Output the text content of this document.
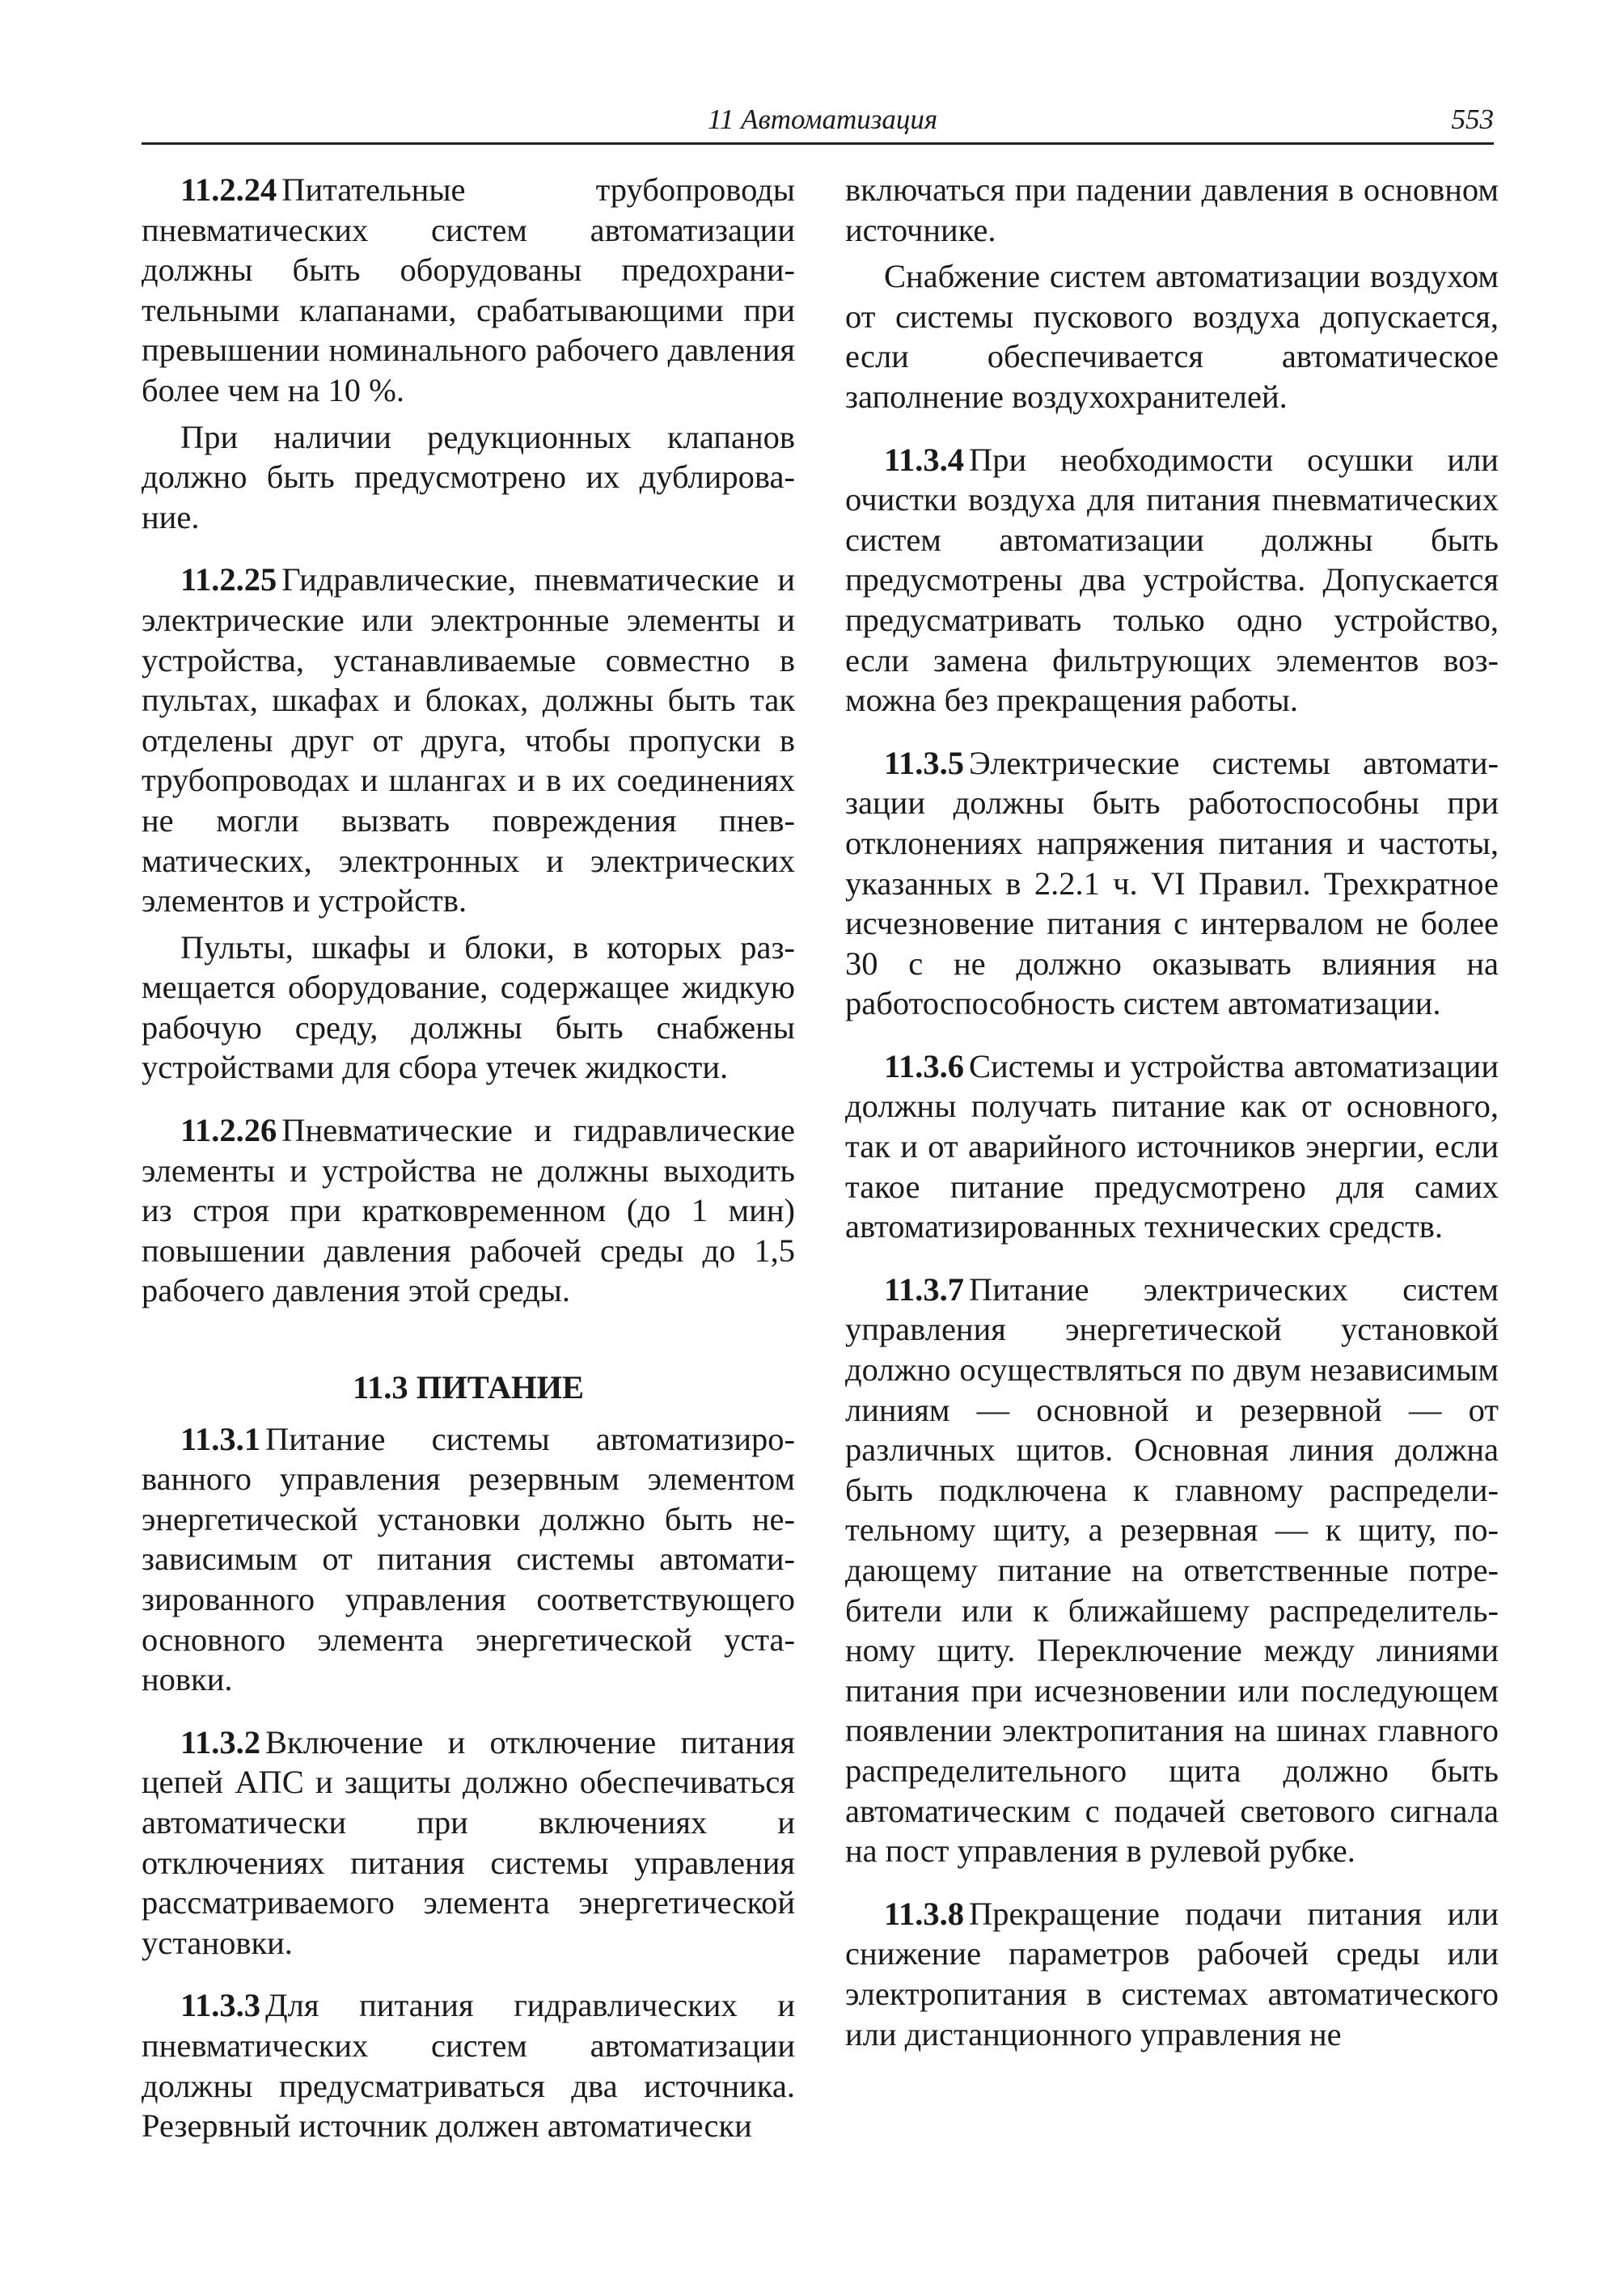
11 Автоматизация	553

11.2.24 Питательные трубопроводы пневматических систем автоматизации должны быть оборудованы предохранительными клапанами, срабатывающими при превышении номинального рабочего давления более чем на 10 %.

При наличии редукционных клапанов должно быть предусмотрено их дублирование.

11.2.25 Гидравлические, пневматические и электрические или электронные элементы и устройства, устанавливаемые совместно в пультах, шкафах и блоках, должны быть так отделены друг от друга, чтобы пропуски в трубопроводах и шлангах и в их соединениях не могли вызвать повреждения пневматических, электронных и электрических элементов и устройств.

Пульты, шкафы и блоки, в которых размещается оборудование, содержащее жидкую рабочую среду, должны быть снабжены устройствами для сбора утечек жидкости.

11.2.26 Пневматические и гидравлические элементы и устройства не должны выходить из строя при кратковременном (до 1 мин) повышении давления рабочей среды до 1,5 рабочего давления этой среды.

11.3 ПИТАНИЕ

11.3.1 Питание системы автоматизированного управления резервным элементом энергетической установки должно быть независимым от питания системы автоматизированного управления соответствующего основного элемента энергетической установки.

11.3.2 Включение и отключение питания цепей АПС и защиты должно обеспечиваться автоматически при включениях и отключениях питания системы управления рассматриваемого элемента энергетической установки.

11.3.3 Для питания гидравлических и пневматических систем автоматизации должны предусматриваться два источника. Резервный источник должен автоматически

включаться при падении давления в основном источнике.

Снабжение систем автоматизации воздухом от системы пускового воздуха допускается, если обеспечивается автоматическое заполнение воздухохранителей.

11.3.4 При необходимости осушки или очистки воздуха для питания пневматических систем автоматизации должны быть предусмотрены два устройства. Допускается предусматривать только одно устройство, если замена фильтрующих элементов возможна без прекращения работы.

11.3.5 Электрические системы автоматизации должны быть работоспособны при отклонениях напряжения питания и частоты, указанных в 2.2.1 ч. VI Правил. Трехкратное исчезновение питания с интервалом не более 30 с не должно оказывать влияния на работоспособность систем автоматизации.

11.3.6 Системы и устройства автоматизации должны получать питание как от основного, так и от аварийного источников энергии, если такое питание предусмотрено для самих автоматизированных технических средств.

11.3.7 Питание электрических систем управления энергетической установкой должно осуществляться по двум независимым линиям — основной и резервной — от различных щитов. Основная линия должна быть подключена к главному распределительному щиту, а резервная — к щиту, подающему питание на ответственные потребители или к ближайшему распределительному щиту. Переключение между линиями питания при исчезновении или последующем появлении электропитания на шинах главного распределительного щита должно быть автоматическим с подачей светового сигнала на пост управления в рулевой рубке.

11.3.8 Прекращение подачи питания или снижение параметров рабочей среды или электропитания в системах автоматического или дистанционного управления не
